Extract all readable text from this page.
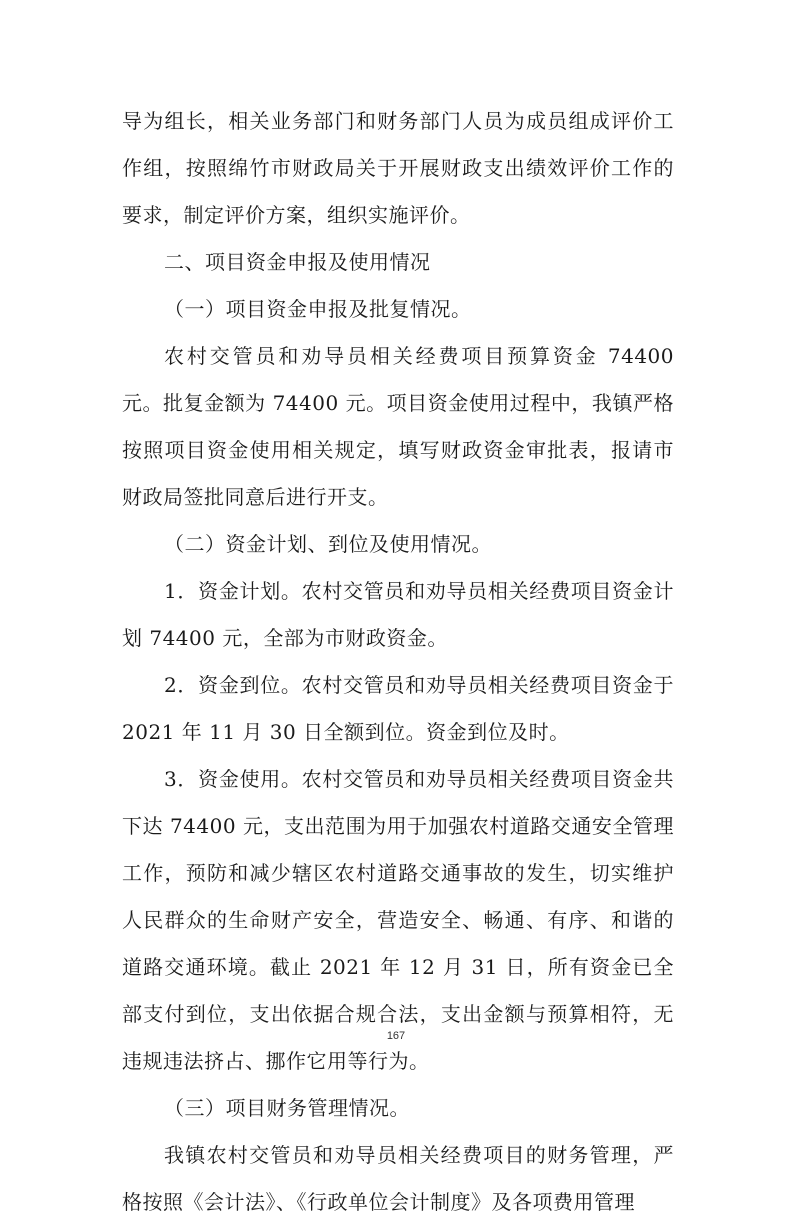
导为组长，相关业务部门和财务部门人员为成员组成评价工作组，按照绵竹市财政局关于开展财政支出绩效评价工作的要求，制定评价方案，组织实施评价。

二、项目资金申报及使用情况

（一）项目资金申报及批复情况。

农村交管员和劝导员相关经费项目预算资金 74400 元。批复金额为 74400 元。项目资金使用过程中，我镇严格按照项目资金使用相关规定，填写财政资金审批表，报请市财政局签批同意后进行开支。

（二）资金计划、到位及使用情况。

1．资金计划。农村交管员和劝导员相关经费项目资金计划 74400 元，全部为市财政资金。

2．资金到位。农村交管员和劝导员相关经费项目资金于 2021 年 11 月 30 日全额到位。资金到位及时。

3．资金使用。农村交管员和劝导员相关经费项目资金共下达 74400 元，支出范围为用于加强农村道路交通安全管理工作，预防和减少辖区农村道路交通事故的发生，切实维护人民群众的生命财产安全，营造安全、畅通、有序、和谐的道路交通环境。截止 2021 年 12 月 31 日，所有资金已全部支付到位，支出依据合规合法，支出金额与预算相符，无违规违法挤占、挪作它用等行为。

（三）项目财务管理情况。

我镇农村交管员和劝导员相关经费项目的财务管理，严格按照《会计法》、《行政单位会计制度》及各项费用管理

167
